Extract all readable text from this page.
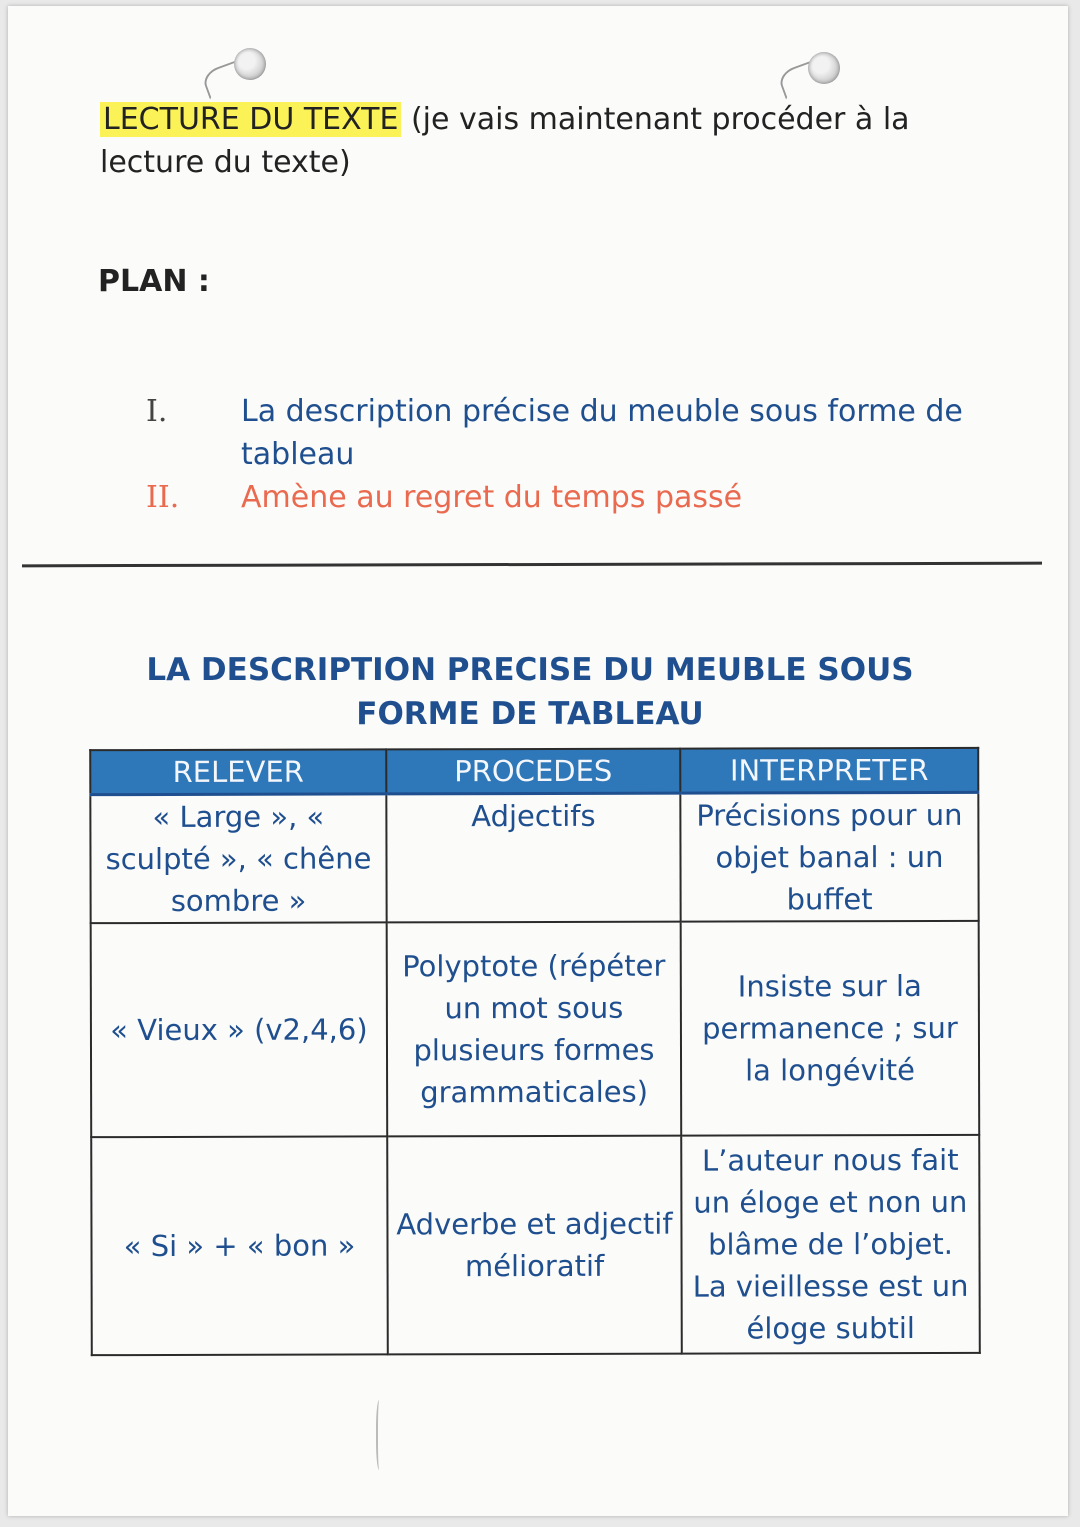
LECTURE DU TEXTE (je vais maintenant procéder à la lecture du texte)
PLAN :
I.	La description précise du meuble sous forme de tableau
II.	Amène au regret du temps passé
LA DESCRIPTION PRECISE DU MEUBLE SOUS FORME DE TABLEAU
RELEVER	PROCEDES	INTERPRETER
« Large », « sculpté », « chêne sombre »	Adjectifs	Précisions pour un objet banal : un buffet
« Vieux » (v2,4,6)	Polyptote (répéter un mot sous plusieurs formes grammaticales)	Insiste sur la permanence ; sur la longévité
« Si » + « bon »	Adverbe et adjectif mélioratif	L’auteur nous fait un éloge et non un blâme de l’objet. La vieillesse est un éloge subtil
